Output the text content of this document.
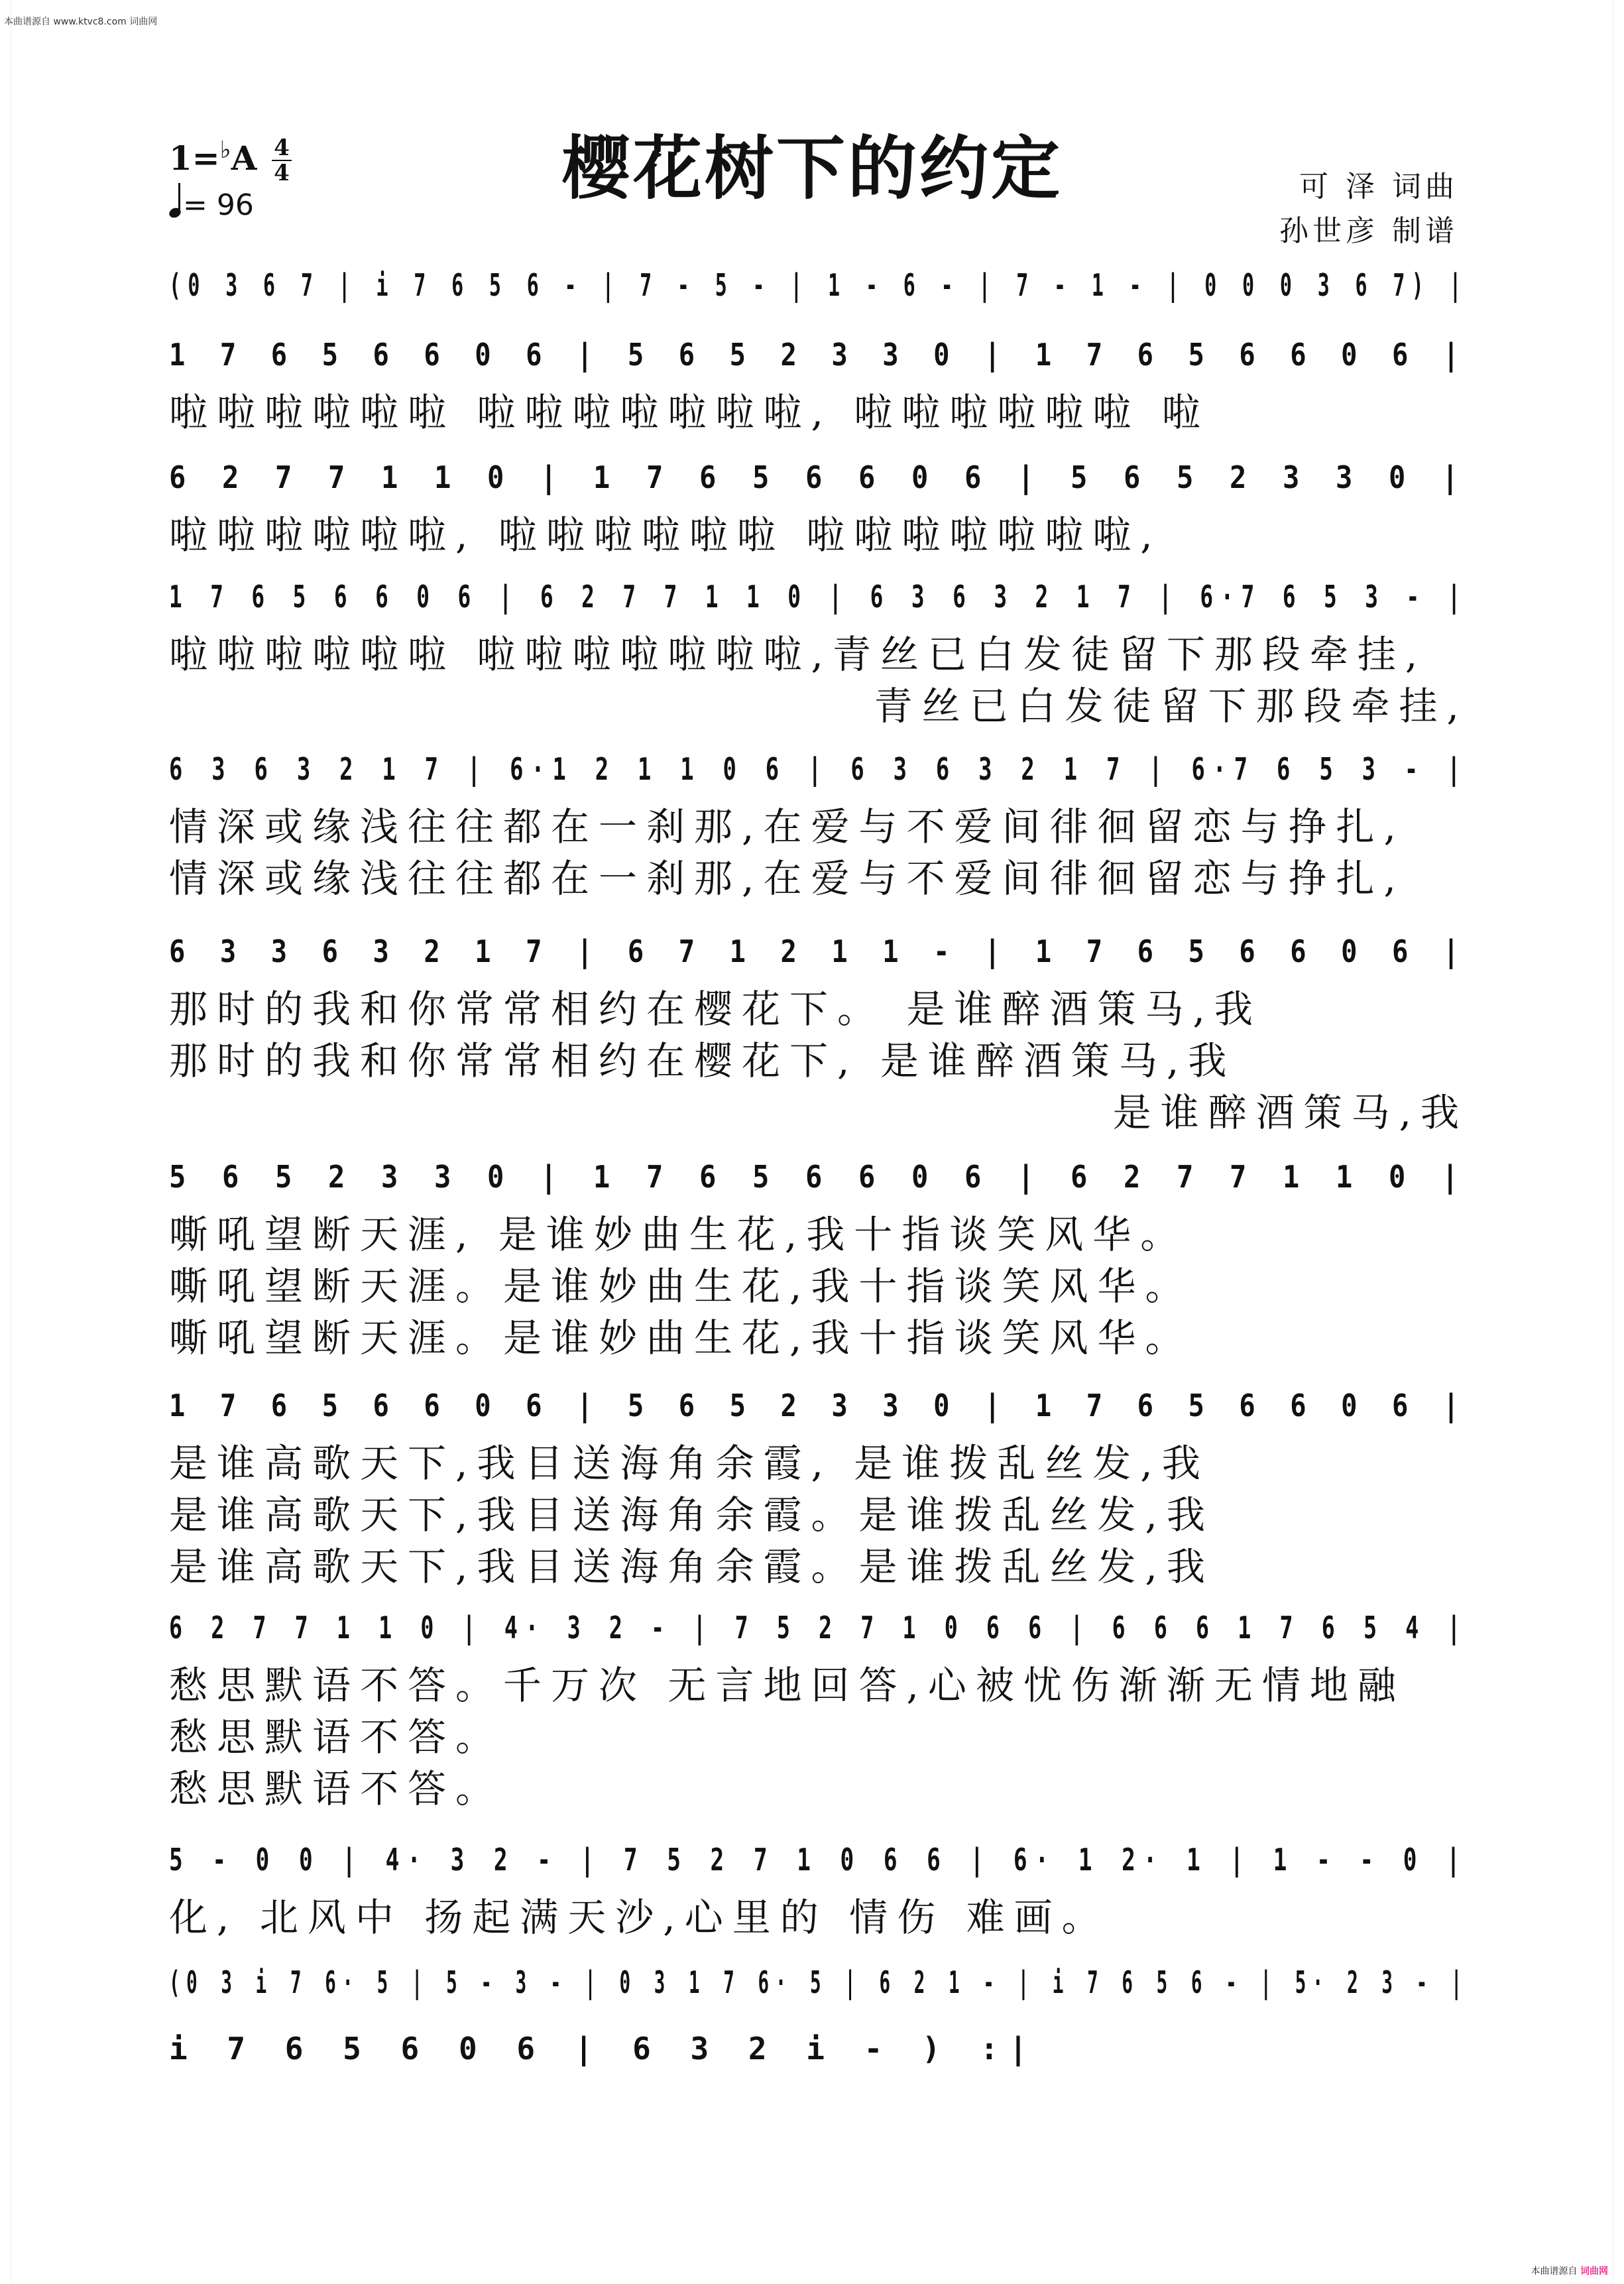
本曲谱源自 www.ktvc8.com 词曲网
樱花树下的约定
1=♭A 4
4
= 96
可 泽 词曲
孙世彦 制谱
(0 3 6 7 | i 7 6 5 6 - | 7 - 5 - | 1 - 6 - | 7 - 1 - | 0 0 0 3 6 7) |
1 7 6 5 6 6 0 6 | 5 6 5 2 3 3 0 | 1 7 6 5 6 6 0 6 |
啦啦啦啦啦啦 啦啦啦啦啦啦啦, 啦啦啦啦啦啦 啦
6 2 7 7 1 1 0 | 1 7 6 5 6 6 0 6 | 5 6 5 2 3 3 0 |
啦啦啦啦啦啦, 啦啦啦啦啦啦 啦啦啦啦啦啦啦,
1 7 6 5 6 6 0 6 | 6 2 7 7 1 1 0 | 6 3 6 3 2 1 7 | 6·7 6 5 3 - |
啦啦啦啦啦啦 啦啦啦啦啦啦啦,青丝已白发徒留下那段牵挂,
青丝已白发徒留下那段牵挂,
6 3 6 3 2 1 7 | 6·1 2 1 1 0 6 | 6 3 6 3 2 1 7 | 6·7 6 5 3 - |
情深或缘浅往往都在一刹那,在爱与不爱间徘徊留恋与挣扎,
情深或缘浅往往都在一刹那,在爱与不爱间徘徊留恋与挣扎,
6 3 3 6 3 2 1 7 | 6 7 1 2 1 1 - | 1 7 6 5 6 6 0 6 |
那时的我和你常常相约在樱花下。 是谁醉酒策马,我
那时的我和你常常相约在樱花下, 是谁醉酒策马,我
是谁醉酒策马,我
5 6 5 2 3 3 0 | 1 7 6 5 6 6 0 6 | 6 2 7 7 1 1 0 |
嘶吼望断天涯, 是谁妙曲生花,我十指谈笑风华。
嘶吼望断天涯。是谁妙曲生花,我十指谈笑风华。
嘶吼望断天涯。是谁妙曲生花,我十指谈笑风华。
1 7 6 5 6 6 0 6 | 5 6 5 2 3 3 0 | 1 7 6 5 6 6 0 6 |
是谁高歌天下,我目送海角余霞, 是谁拨乱丝发,我
是谁高歌天下,我目送海角余霞。是谁拨乱丝发,我
是谁高歌天下,我目送海角余霞。是谁拨乱丝发,我
6 2 7 7 1 1 0 | 4· 3 2 - | 7 5 2 7 1 0 6 6 | 6 6 6 1 7 6 5 4 |
愁思默语不答。千万次 无言地回答,心被忧伤渐渐无情地融
愁思默语不答。
愁思默语不答。
5 - 0 0 | 4· 3 2 - | 7 5 2 7 1 0 6 6 | 6· 1 2· 1 | 1 - - 0 |
化, 北风中 扬起满天沙,心里的 情伤 难画。
(0 3 i 7 6· 5 | 5 - 3 - | 0 3 1 7 6· 5 | 6 2 1 - | i 7 6 5 6 - | 5· 2 3 - |
i 7 6 5 6 0 6 | 6 3 2 i - ) :|
本曲谱源自 词曲网
